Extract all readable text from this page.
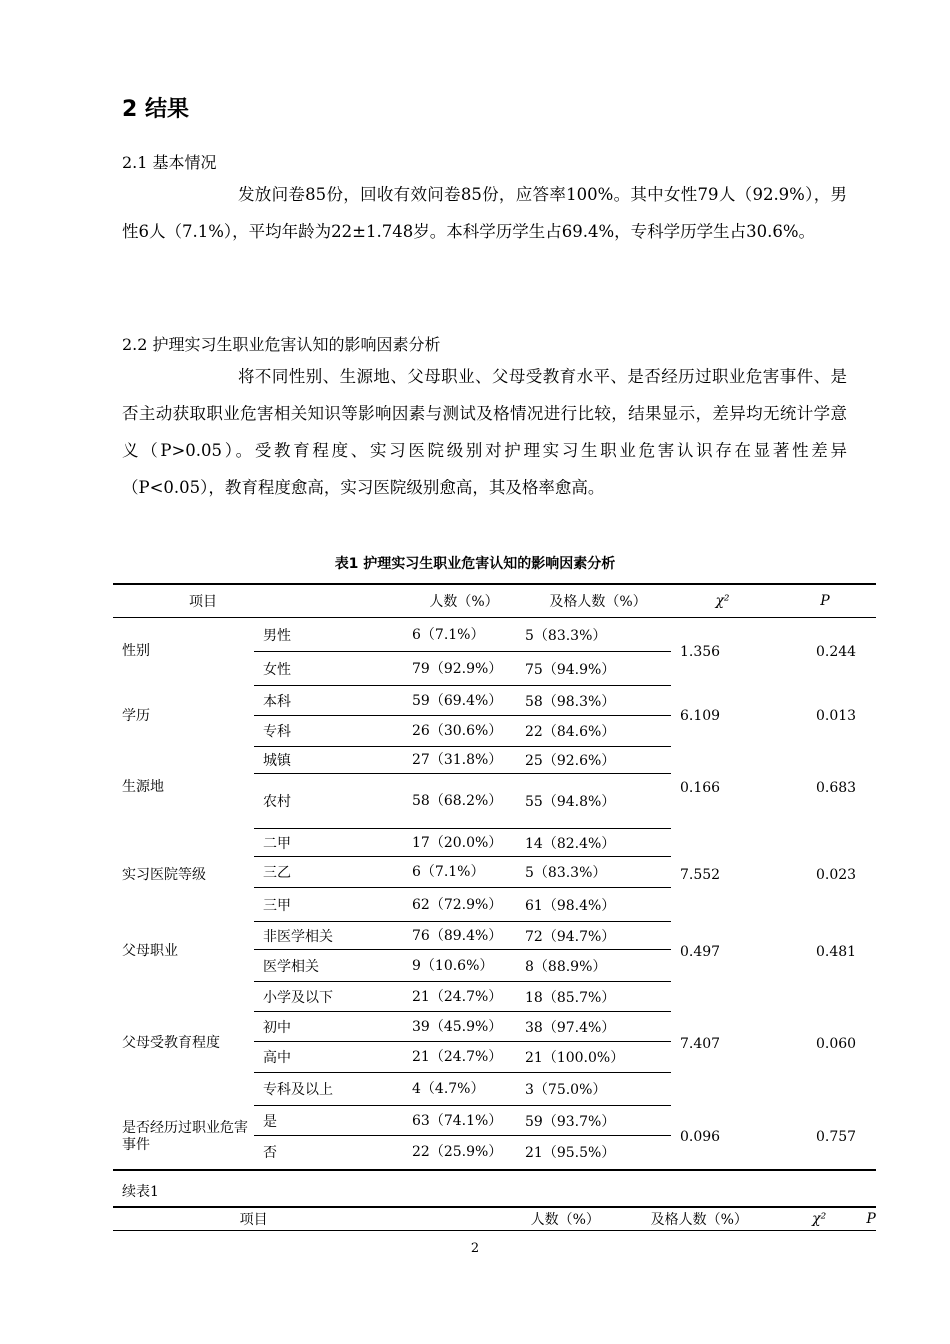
2 结果
2.1 基本情况
发放问卷85份，回收有效问卷85份，应答率100%。其中女性79人（92.9%），男性6人（7.1%），平均年龄为22±1.748岁。本科学历学生占69.4%，专科学历学生占30.6%。
2.2 护理实习生职业危害认知的影响因素分析
将不同性别、生源地、父母职业、父母受教育水平、是否经历过职业危害事件、是否主动获取职业危害相关知识等影响因素与测试及格情况进行比较，结果显示，差异均无统计学意义（P>0.05）。受教育程度、实习医院级别对护理实习生职业危害认识存在显著性差异（P<0.05），教育程度愈高，实习医院级别愈高，其及格率愈高。
表1 护理实习生职业危害认知的影响因素分析
项目		人数（%）	及格人数（%）	χ²	P
性别	男性	6（7.1%）	5（83.3%）	1.356	0.244
	女性	79（92.9%）	75（94.9%）		
学历	本科	59（69.4%）	58（98.3%）	6.109	0.013
	专科	26（30.6%）	22（84.6%）		
生源地	城镇	27（31.8%）	25（92.6%）	0.166	0.683
	农村	58（68.2%）	55（94.8%）		
实习医院等级	二甲	17（20.0%）	14（82.4%）	7.552	0.023
	三乙	6（7.1%）	5（83.3%）		
	三甲	62（72.9%）	61（98.4%）		
父母职业	非医学相关	76（89.4%）	72（94.7%）	0.497	0.481
	医学相关	9（10.6%）	8（88.9%）		
父母受教育程度	小学及以下	21（24.7%）	18（85.7%）	7.407	0.060
	初中	39（45.9%）	38（97.4%）		
	高中	21（24.7%）	21（100.0%）		
	专科及以上	4（4.7%）	3（75.0%）		
是否经历过职业危害事件	是	63（74.1%）	59（93.7%）	0.096	0.757
	否	22（25.9%）	21（95.5%）		
续表1
项目	人数（%）	及格人数（%）	χ²	P
2
